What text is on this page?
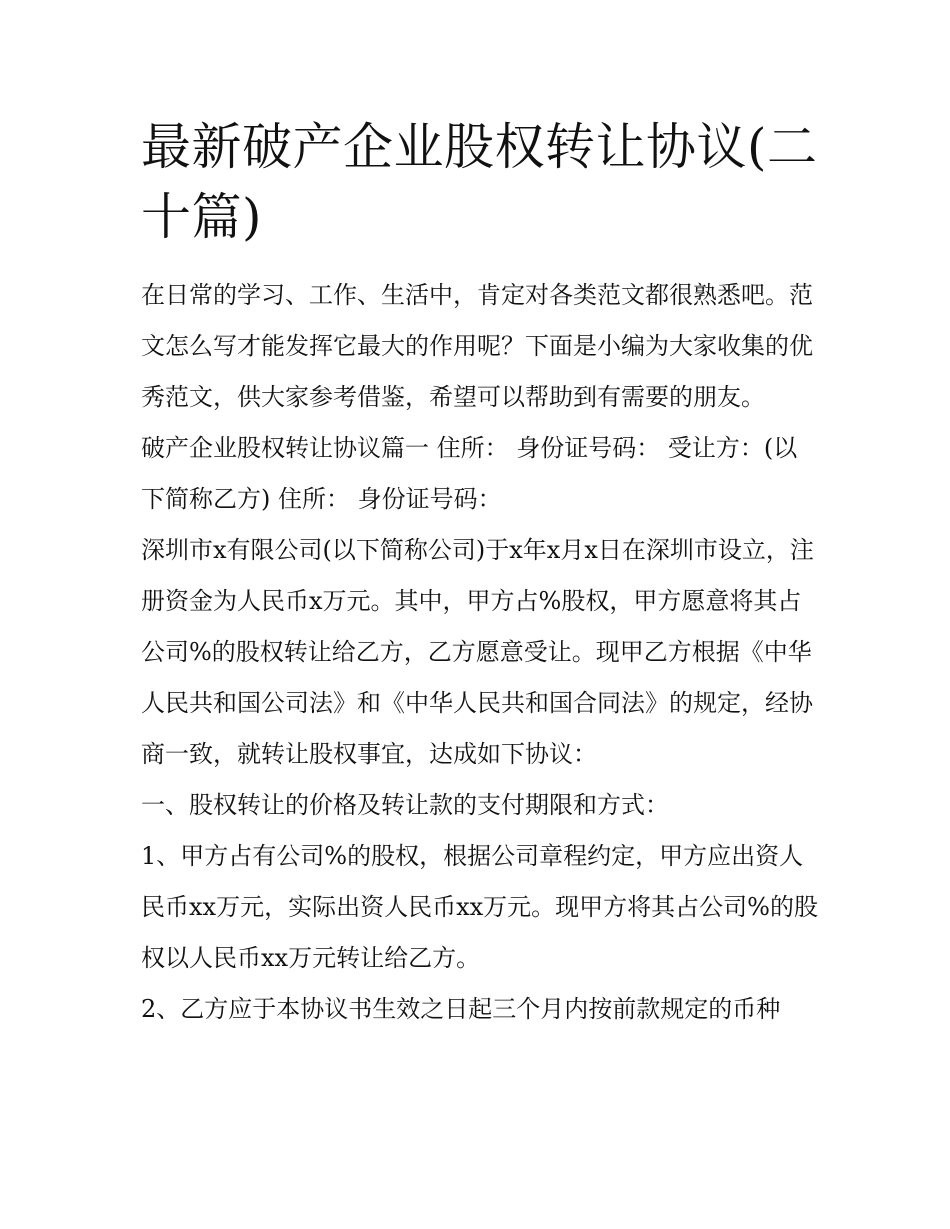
最新破产企业股权转让协议(二十篇)

在日常的学习、工作、生活中，肯定对各类范文都很熟悉吧。范文怎么写才能发挥它最大的作用呢？下面是小编为大家收集的优秀范文，供大家参考借鉴，希望可以帮助到有需要的朋友。

破产企业股权转让协议篇一 住所： 身份证号码： 受让方：(以下简称乙方) 住所： 身份证号码：

深圳市x有限公司(以下简称公司)于x年x月x日在深圳市设立，注册资金为人民币x万元。其中，甲方占%股权，甲方愿意将其占公司%的股权转让给乙方，乙方愿意受让。现甲乙方根据《中华人民共和国公司法》和《中华人民共和国合同法》的规定，经协商一致，就转让股权事宜，达成如下协议：

一、股权转让的价格及转让款的支付期限和方式：

1、甲方占有公司%的股权，根据公司章程约定，甲方应出资人民币xx万元，实际出资人民币xx万元。现甲方将其占公司%的股权以人民币xx万元转让给乙方。

2、乙方应于本协议书生效之日起三个月内按前款规定的币种
